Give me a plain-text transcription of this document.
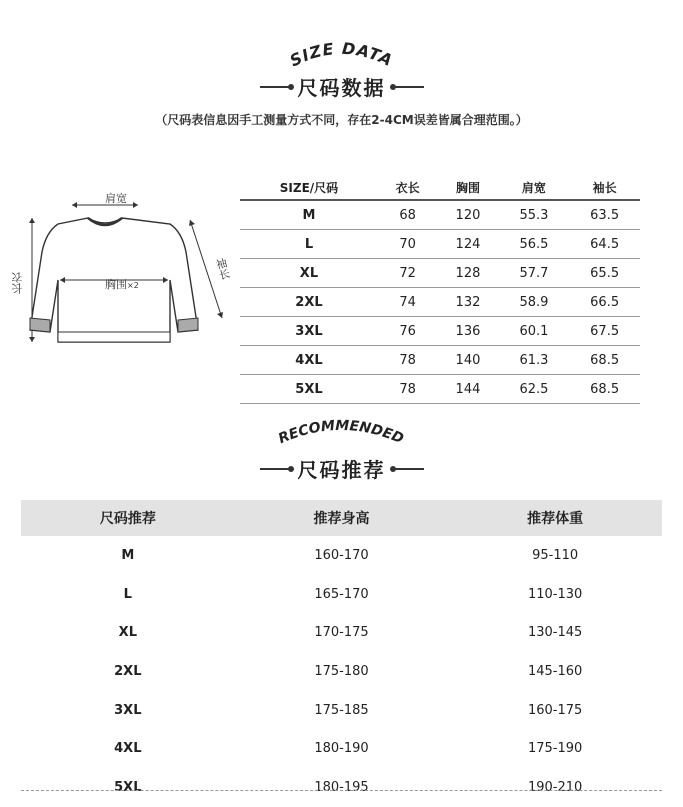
SIZE DATA
尺码数据
（尺码表信息因手工测量方式不同，存在2-4CM误差皆属合理范围。）
肩宽
长衣
袖长
胸围×2
SIZE/尺码	衣长	胸围	肩宽	袖长
M	68	120	55.3	63.5
L	70	124	56.5	64.5
XL	72	128	57.7	65.5
2XL	74	132	58.9	66.5
3XL	76	136	60.1	67.5
4XL	78	140	61.3	68.5
5XL	78	144	62.5	68.5
RECOMMENDED
尺码推荐
尺码推荐	推荐身高	推荐体重
M	160-170	95-110
L	165-170	110-130
XL	170-175	130-145
2XL	175-180	145-160
3XL	175-185	160-175
4XL	180-190	175-190
5XL	180-195	190-210
